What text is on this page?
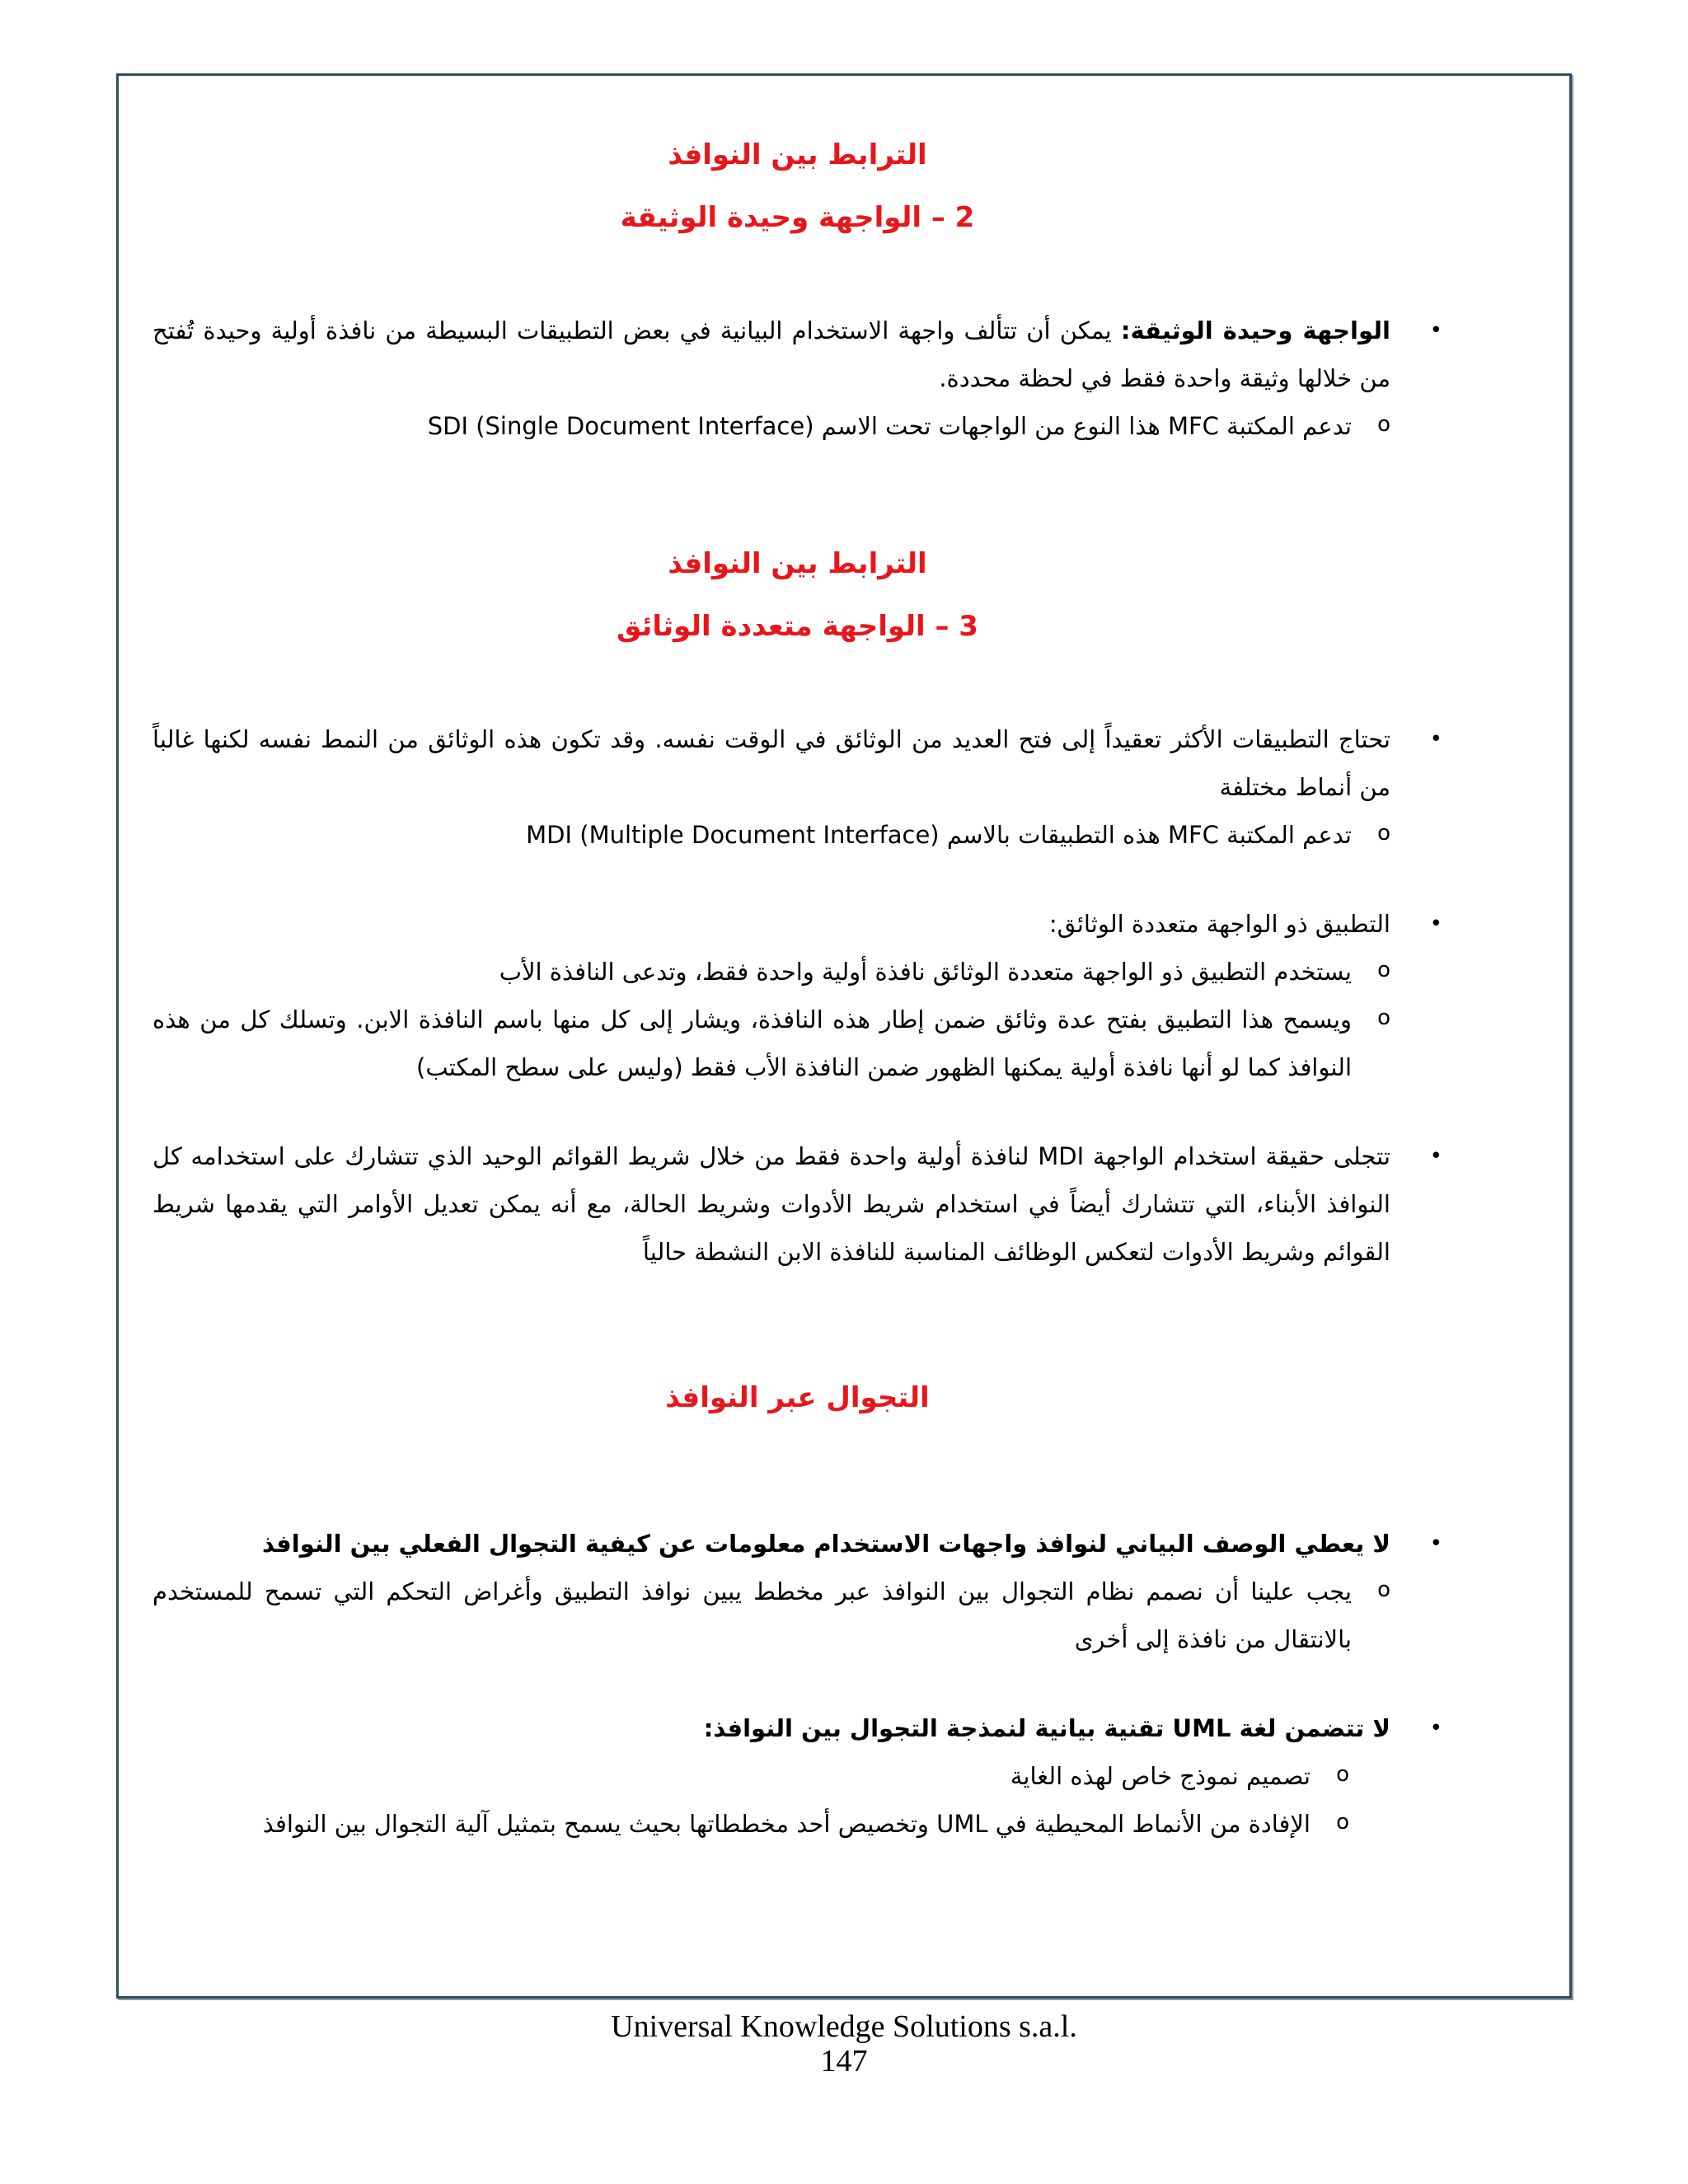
الترابط بين النوافذ

2 – الواجهة وحيدة الوثيقة

•
الواجهة وحيدة الوثيقة: يمكن أن تتألف واجهة الاستخدام البيانية في بعض التطبيقات البسيطة من نافذة أولية وحيدة تُفتح من خلالها وثيقة واحدة فقط في لحظة محددة.

o
تدعم المكتبة MFC هذا النوع من الواجهات تحت الاسم SDI (Single Document Interface)

الترابط بين النوافذ

3 – الواجهة متعددة الوثائق

•
تحتاج التطبيقات الأكثر تعقيداً إلى فتح العديد من الوثائق في الوقت نفسه. وقد تكون هذه الوثائق من النمط نفسه لكنها غالباً من أنماط مختلفة

o
تدعم المكتبة MFC هذه التطبيقات بالاسم MDI (Multiple Document Interface)

•
التطبيق ذو الواجهة متعددة الوثائق:

o
يستخدم التطبيق ذو الواجهة متعددة الوثائق نافذة أولية واحدة فقط، وتدعى النافذة الأب

o
ويسمح هذا التطبيق بفتح عدة وثائق ضمن إطار هذه النافذة، ويشار إلى كل منها باسم النافذة الابن. وتسلك كل من هذه النوافذ كما لو أنها نافذة أولية يمكنها الظهور ضمن النافذة الأب فقط (وليس على سطح المكتب)

•
تتجلى حقيقة استخدام الواجهة MDI لنافذة أولية واحدة فقط من خلال شريط القوائم الوحيد الذي تتشارك على استخدامه كل النوافذ الأبناء، التي تتشارك أيضاً في استخدام شريط الأدوات وشريط الحالة، مع أنه يمكن تعديل الأوامر التي يقدمها شريط القوائم وشريط الأدوات لتعكس الوظائف المناسبة للنافذة الابن النشطة حالياً

التجوال عبر النوافذ

•
لا يعطي الوصف البياني لنوافذ واجهات الاستخدام معلومات عن كيفية التجوال الفعلي بين النوافذ

o
يجب علينا أن نصمم نظام التجوال بين النوافذ عبر مخطط يبين نوافذ التطبيق وأغراض التحكم التي تسمح للمستخدم بالانتقال من نافذة إلى أخرى

•
لا تتضمن لغة UML تقنية بيانية لنمذجة التجوال بين النوافذ:

o
تصميم نموذج خاص لهذه الغاية

o
الإفادة من الأنماط المحيطية في UML وتخصيص أحد مخططاتها بحيث يسمح بتمثيل آلية التجوال بين النوافذ

Universal Knowledge Solutions s.a.l.
147
